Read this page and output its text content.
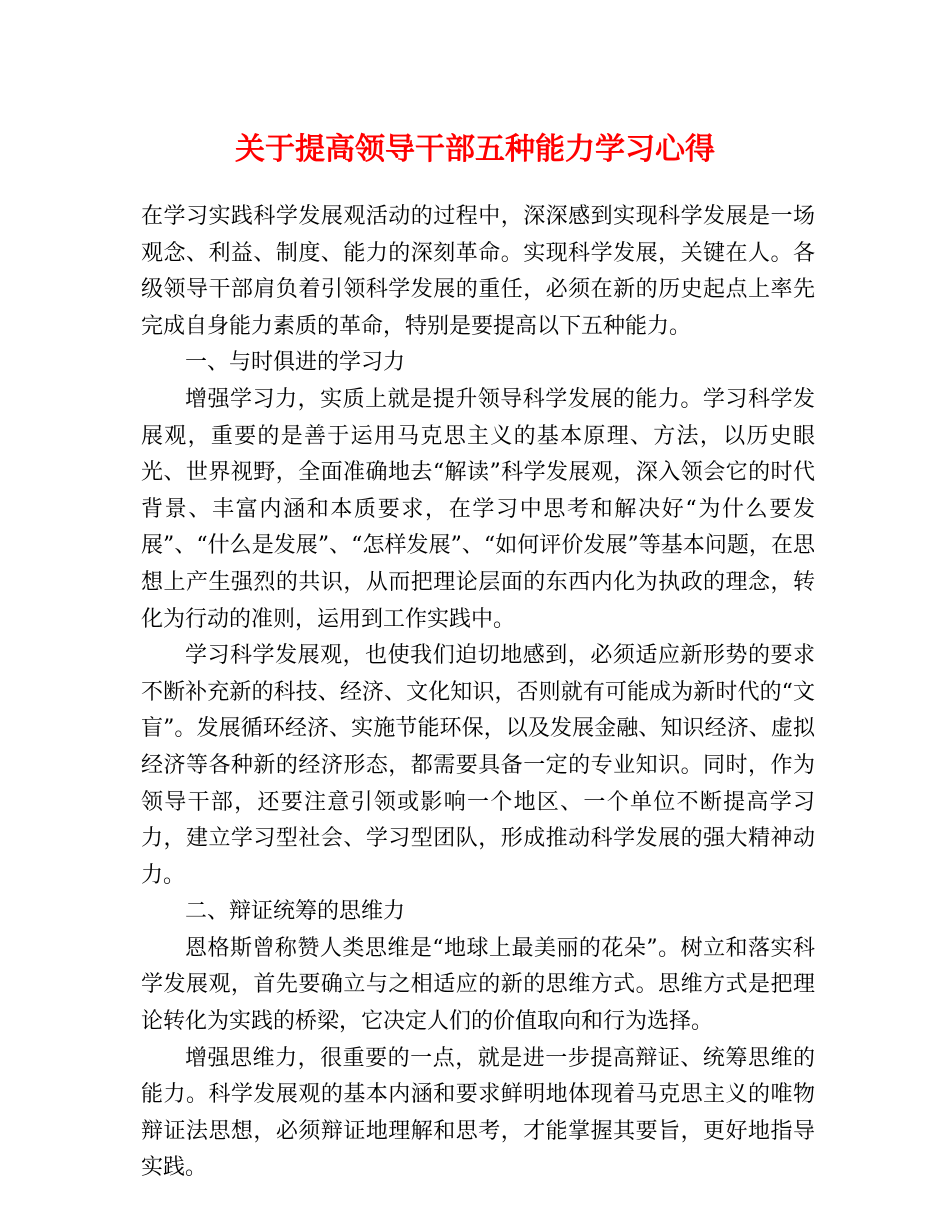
关于提高领导干部五种能力学习心得

在学习实践科学发展观活动的过程中，深深感到实现科学发展是一场观念、利益、制度、能力的深刻革命。实现科学发展，关键在人。各级领导干部肩负着引领科学发展的重任，必须在新的历史起点上率先完成自身能力素质的革命，特别是要提高以下五种能力。

一、与时俱进的学习力

增强学习力，实质上就是提升领导科学发展的能力。学习科学发展观，重要的是善于运用马克思主义的基本原理、方法，以历史眼光、世界视野，全面准确地去“解读”科学发展观，深入领会它的时代背景、丰富内涵和本质要求，在学习中思考和解决好“为什么要发展”、“什么是发展”、“怎样发展”、“如何评价发展”等基本问题，在思想上产生强烈的共识，从而把理论层面的东西内化为执政的理念，转化为行动的准则，运用到工作实践中。

学习科学发展观，也使我们迫切地感到，必须适应新形势的要求不断补充新的科技、经济、文化知识，否则就有可能成为新时代的“文盲”。发展循环经济、实施节能环保，以及发展金融、知识经济、虚拟经济等各种新的经济形态，都需要具备一定的专业知识。同时，作为领导干部，还要注意引领或影响一个地区、一个单位不断提高学习力，建立学习型社会、学习型团队，形成推动科学发展的强大精神动力。

二、辩证统筹的思维力

恩格斯曾称赞人类思维是“地球上最美丽的花朵”。树立和落实科学发展观，首先要确立与之相适应的新的思维方式。思维方式是把理论转化为实践的桥梁，它决定人们的价值取向和行为选择。

增强思维力，很重要的一点，就是进一步提高辩证、统筹思维的能力。科学发展观的基本内涵和要求鲜明地体现着马克思主义的唯物辩证法思想，必须辩证地理解和思考，才能掌握其要旨，更好地指导实践。
